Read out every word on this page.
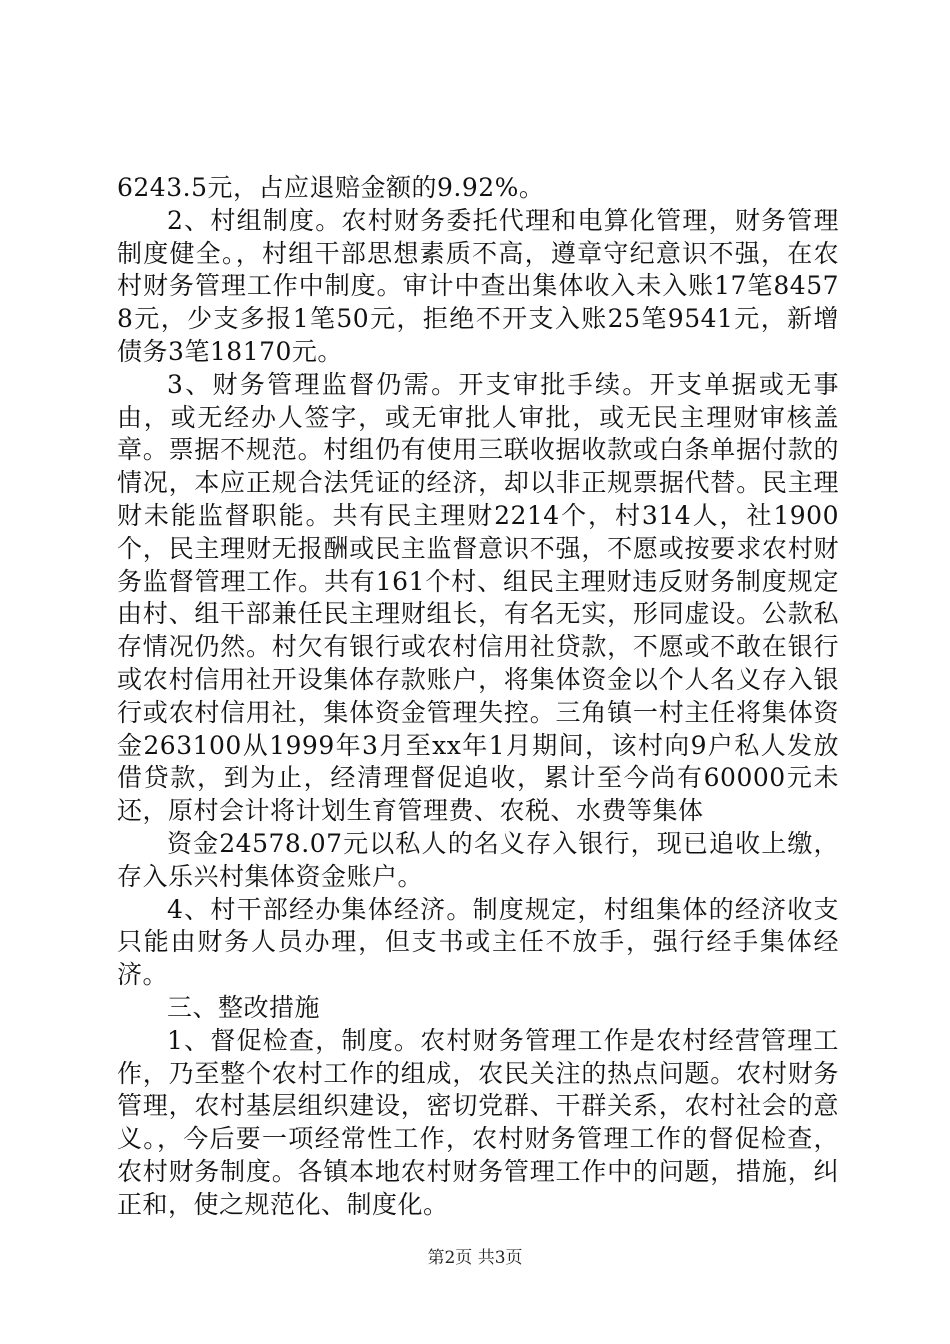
6243.5元，占应退赔金额的9.92%。

2、村组制度。农村财务委托代理和电算化管理，财务管理制度健全。，村组干部思想素质不高，遵章守纪意识不强，在农村财务管理工作中制度。审计中查出集体收入未入账17笔84578元，少支多报1笔50元，拒绝不开支入账25笔9541元，新增债务3笔18170元。

3、财务管理监督仍需。开支审批手续。开支单据或无事由，或无经办人签字，或无审批人审批，或无民主理财审核盖章。票据不规范。村组仍有使用三联收据收款或白条单据付款的情况，本应正规合法凭证的经济，却以非正规票据代替。民主理财未能监督职能。共有民主理财2214个，村314人，社1900个，民主理财无报酬或民主监督意识不强，不愿或按要求农村财务监督管理工作。共有161个村、组民主理财违反财务制度规定由村、组干部兼任民主理财组长，有名无实，形同虚设。公款私存情况仍然。村欠有银行或农村信用社贷款，不愿或不敢在银行或农村信用社开设集体存款账户，将集体资金以个人名义存入银行或农村信用社，集体资金管理失控。三角镇一村主任将集体资金263100从1999年3月至xx年1月期间，该村向9户私人发放借贷款，到为止，经清理督促追收，累计至今尚有60000元未还，原村会计将计划生育管理费、农税、水费等集体

资金24578.07元以私人的名义存入银行，现已追收上缴，存入乐兴村集体资金账户。

4、村干部经办集体经济。制度规定，村组集体的经济收支只能由财务人员办理，但支书或主任不放手，强行经手集体经济。

三、整改措施

1、督促检查，制度。农村财务管理工作是农村经营管理工作，乃至整个农村工作的组成，农民关注的热点问题。农村财务管理，农村基层组织建设，密切党群、干群关系，农村社会的意义。，今后要一项经常性工作，农村财务管理工作的督促检查，农村财务制度。各镇本地农村财务管理工作中的问题，措施，纠正和，使之规范化、制度化。

第2页 共3页
